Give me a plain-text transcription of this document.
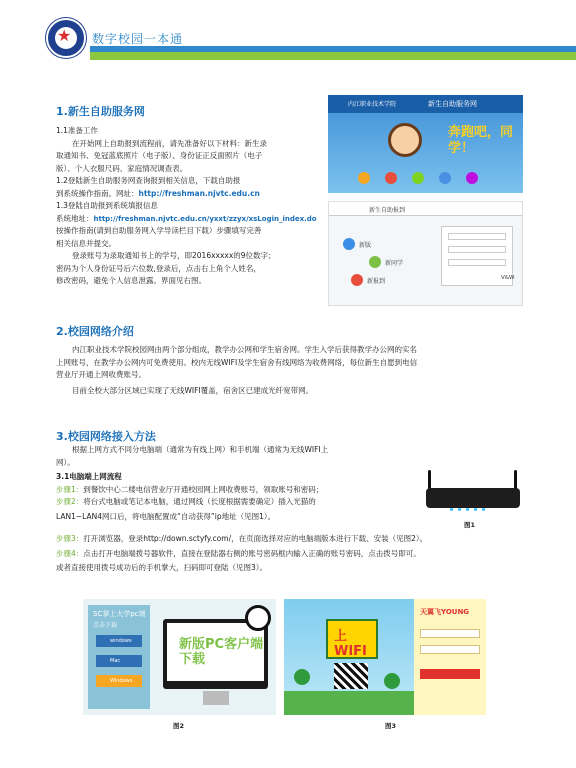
★ 数字校园一本通
1.新生自助服务网
1.1准备工作
在开始网上自助报到流程前，请先准备好以下材料：新生录
取通知书、免冠蓝底照片（电子版）、身份证正反面照片（电子
版）、个人衣服尺码、家庭情况调查表。
1.2登陆新生自助服务网查询报到相关信息，下载自助报
到系统操作指南。网址：http://freshman.njvtc.edu.cn
1.3登陆自助报到系统填报信息
系统地址：http://freshman.njvtc.edu.cn/yxxt/zzyx/xsLogin_index.do
按操作指南(请到自助服务网入学导读栏目下载）步骤填写完善
相关信息并提交。
登录账号为录取通知书上的学号，即2016xxxxx的9位数字；
密码为个人身份证号后六位数,登录后，点击右上角个人姓名，
修改密码，避免个人信息泄露。界面见右图。
内江职业技术学院	新生自助服务网
奔跑吧，同学！

新生自助报到
新版
新同学
新报到	V&W
2.校园网络介绍
内江职业技术学院校园网由两个部分组成，教学办公网和学生宿舍网。学生入学后获得教学办公网的实名
上网账号，在教学办公网内可免费使用。校内无线WIFI及学生宿舍有线网络为收费网络，每位新生自愿到电信
营业厅开通上网收费账号。
目前全校大部分区域已实现了无线WIFI覆盖，宿舍区已建成光纤宽带网。
3.校园网络接入方法
根据上网方式不同分电脑端（通常为有线上网）和手机端（通常为无线WIFI上
网）。
3.1电脑端上网流程
步骤1：到餐饮中心二楼电信营业厅开通校园网上网收费账号，领取账号和密码；
步骤2：将台式电脑或笔记本电脑，通过网线（长度根据需要确定）插入光猫的
LAN1~LAN4网口后，将电脑配置成“自动获得”ip地址（见图1）。
图1
步骤3：打开浏览器，登录http://down.sctyfy.com/，在页面选择对应的电脑端版本进行下载、安装（见图2）。
步骤4：点击打开电脑端拨号器软件，直接在登陆器右侧的账号密码框内输入正确的账号密码，点击拨号即可。
或者直接使用拨号成功后的手机掌大，扫码即可登陆（见图3）。
SC掌上大学pc端
点击下载
windows
Mac
Windows
新版PC客户端下载
图2
上WIFI
天翼飞YOUNG
图3
